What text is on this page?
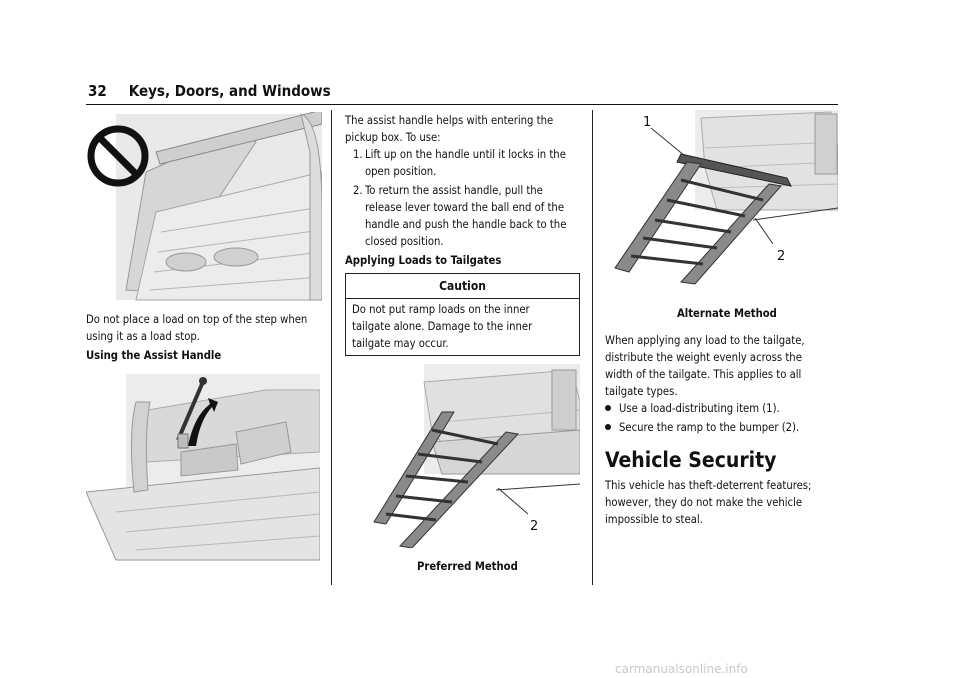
32 Keys, Doors, and Windows
Do not place a load on top of the step when using it as a load stop.
Using the Assist Handle
The assist handle helps with entering the pickup box. To use:
1. Lift up on the handle until it locks in the
open position.
2. To return the assist handle, pull the
release lever toward the ball end of the
handle and push the handle back to the
closed position.
Applying Loads to Tailgates
Caution
Do not put ramp loads on the inner
tailgate alone. Damage to the inner
tailgate may occur.
2
Preferred Method
1
2
Alternate Method
When applying any load to the tailgate,
distribute the weight evenly across the
width of the tailgate. This applies to all
tailgate types.
Use a load-distributing item (1).
Secure the ramp to the bumper (2).
Vehicle Security
This vehicle has theft-deterrent features;
however, they do not make the vehicle
impossible to steal.
carmanualsonline.info
